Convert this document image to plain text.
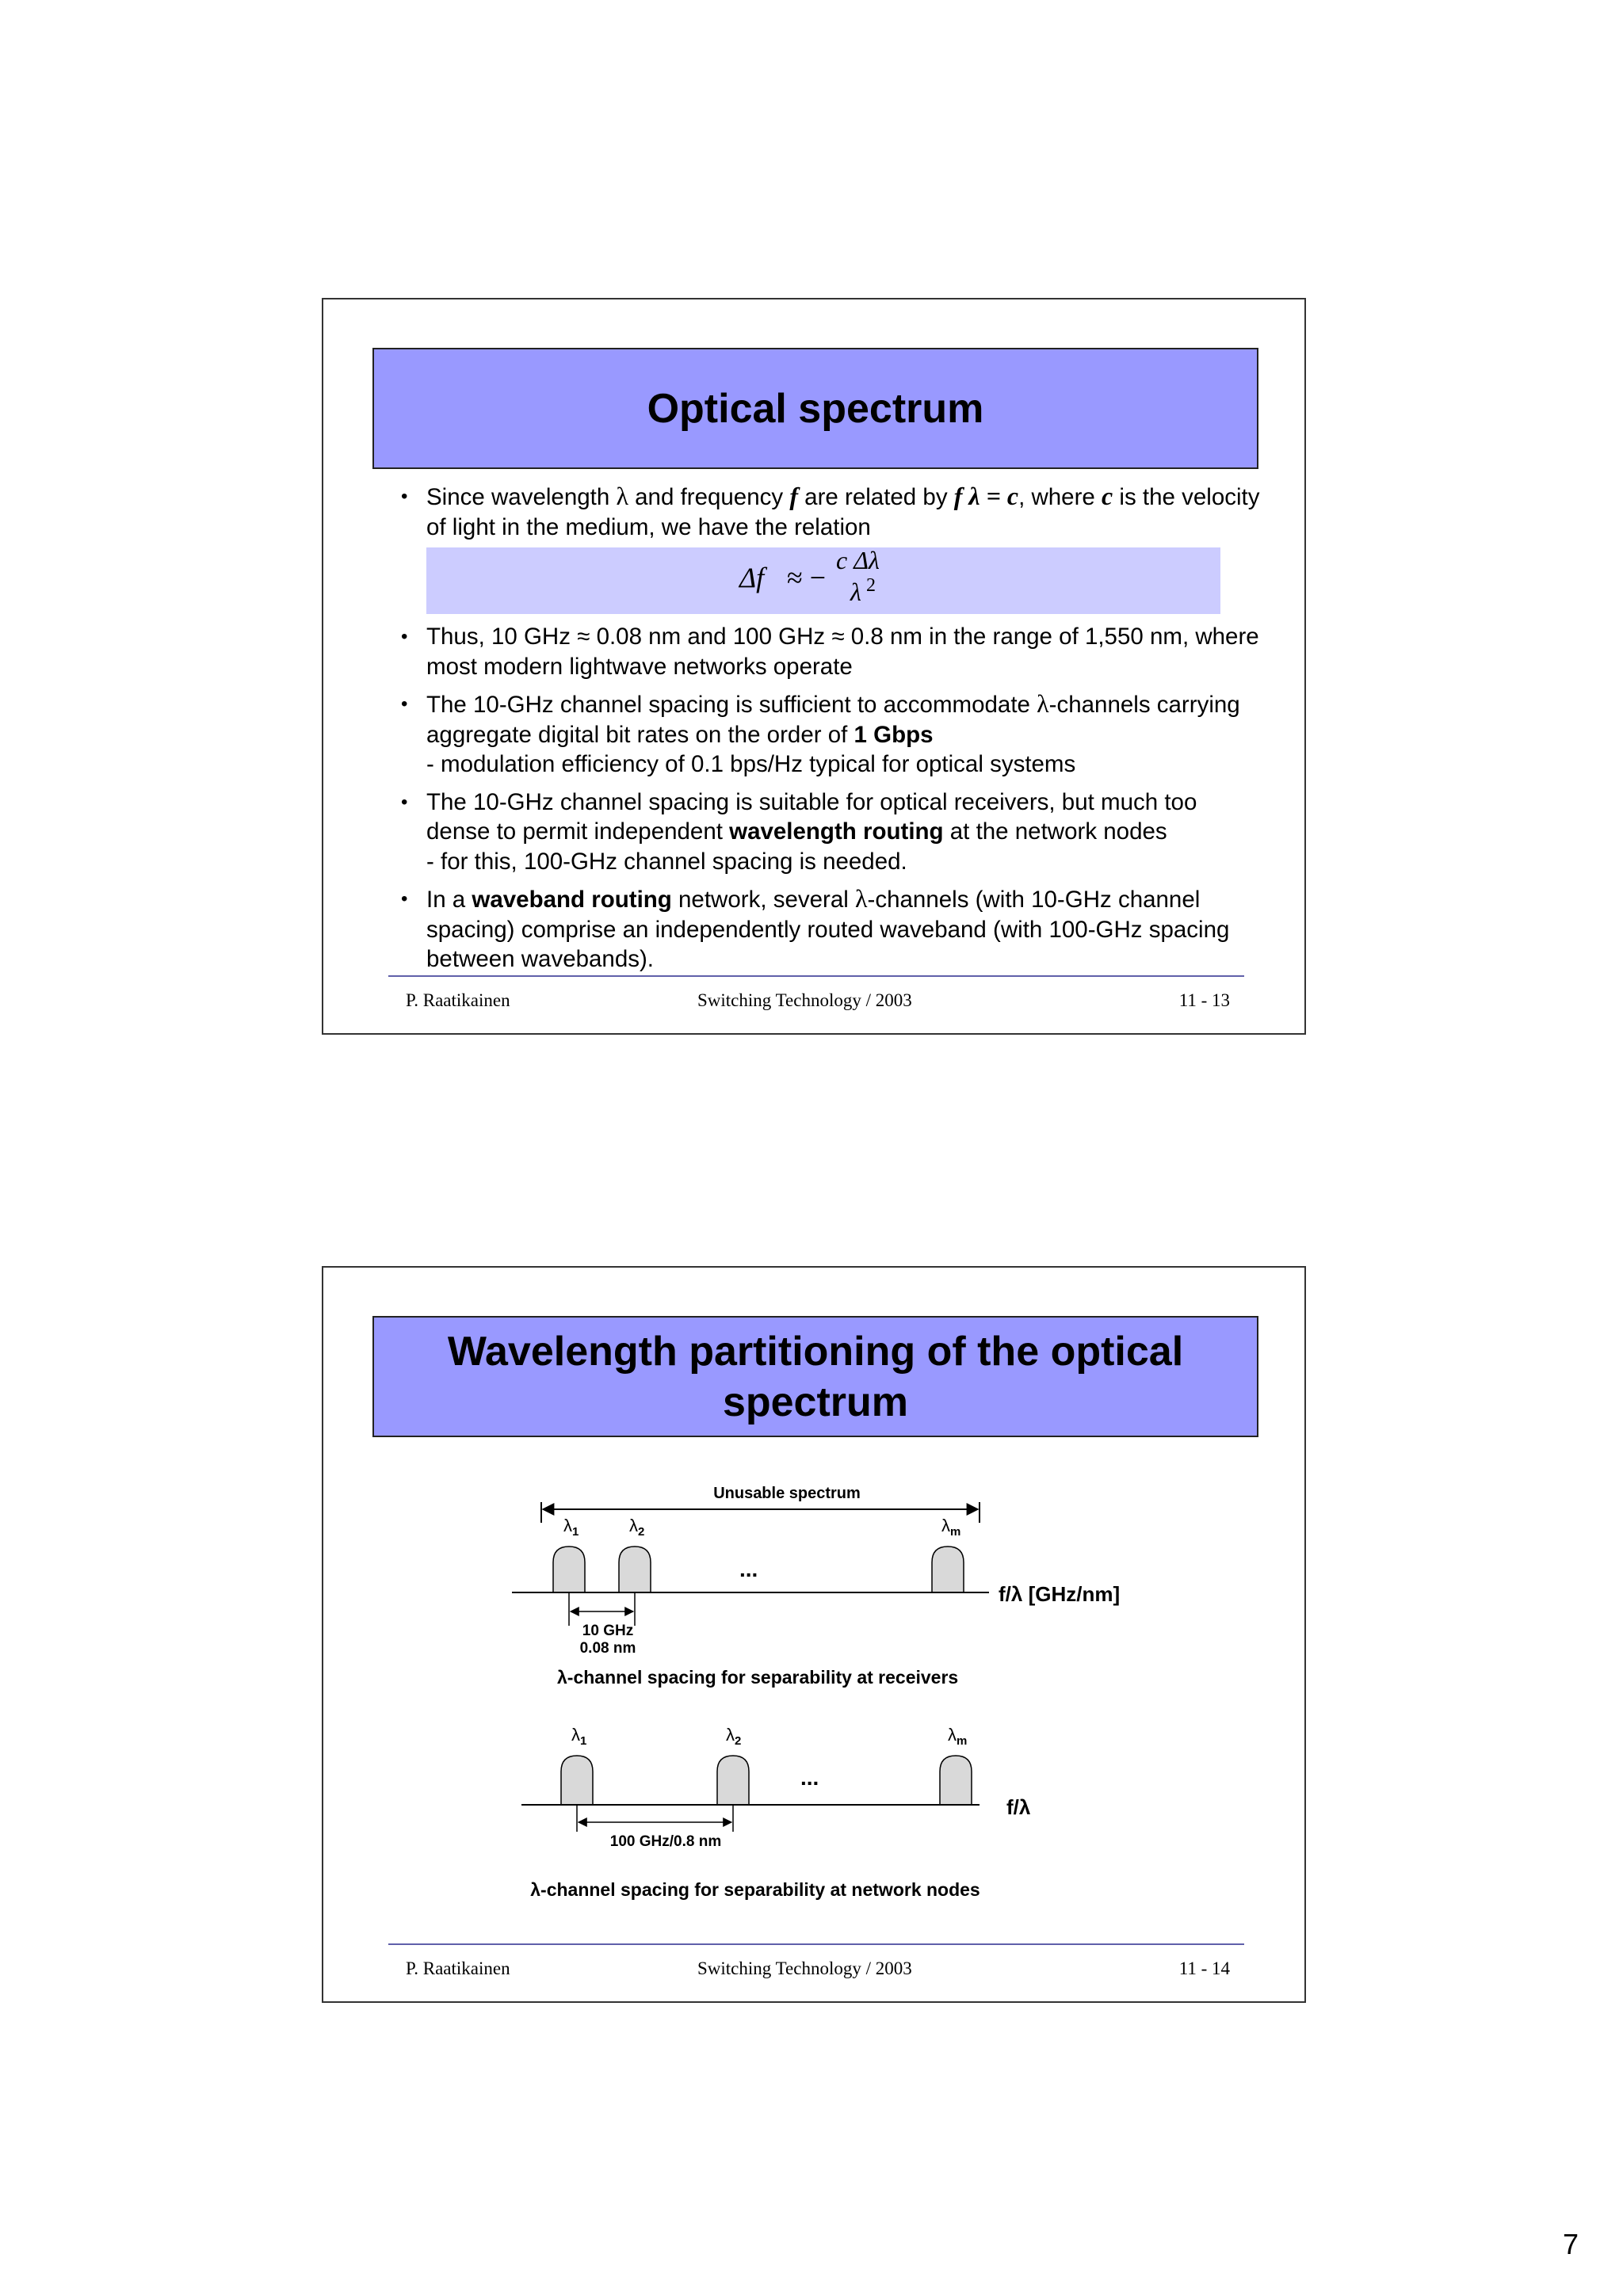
Optical spectrum
• Since wavelength λ and frequency f are related by f λ = c, where c is the velocity of light in the medium, we have the relation
Δf ≈ −
c Δλ
λ 2
• Thus, 10 GHz ≈ 0.08 nm and 100 GHz ≈ 0.8 nm in the range of 1,550 nm, where most modern lightwave networks operate
• The 10-GHz channel spacing is sufficient to accommodate λ-channels carrying aggregate digital bit rates on the order of 1 Gbps
- modulation efficiency of 0.1 bps/Hz typical for optical systems
• The 10-GHz channel spacing is suitable for optical receivers, but much too dense to permit independent wavelength routing at the network nodes
- for this, 100-GHz channel spacing is needed.
• In a waveband routing network, several λ-channels (with 10-GHz channel spacing) comprise an independently routed waveband (with 100-GHz spacing between wavebands).
P. Raatikainen	Switching Technology / 2003	11 - 13
Wavelength partitioning of the optical spectrum
Unusable spectrum
$\lambda_1$	$\lambda_2$	$\lambda_m$
...
f/λ [GHz/nm]
10 GHz
0.08 nm
λ-channel spacing for separability at receivers
$\lambda_1$	$\lambda_2$	$\lambda_m$
...
f/λ
100 GHz/0.8 nm
λ-channel spacing for separability at network nodes
P. Raatikainen	Switching Technology / 2003	11 - 14
7
